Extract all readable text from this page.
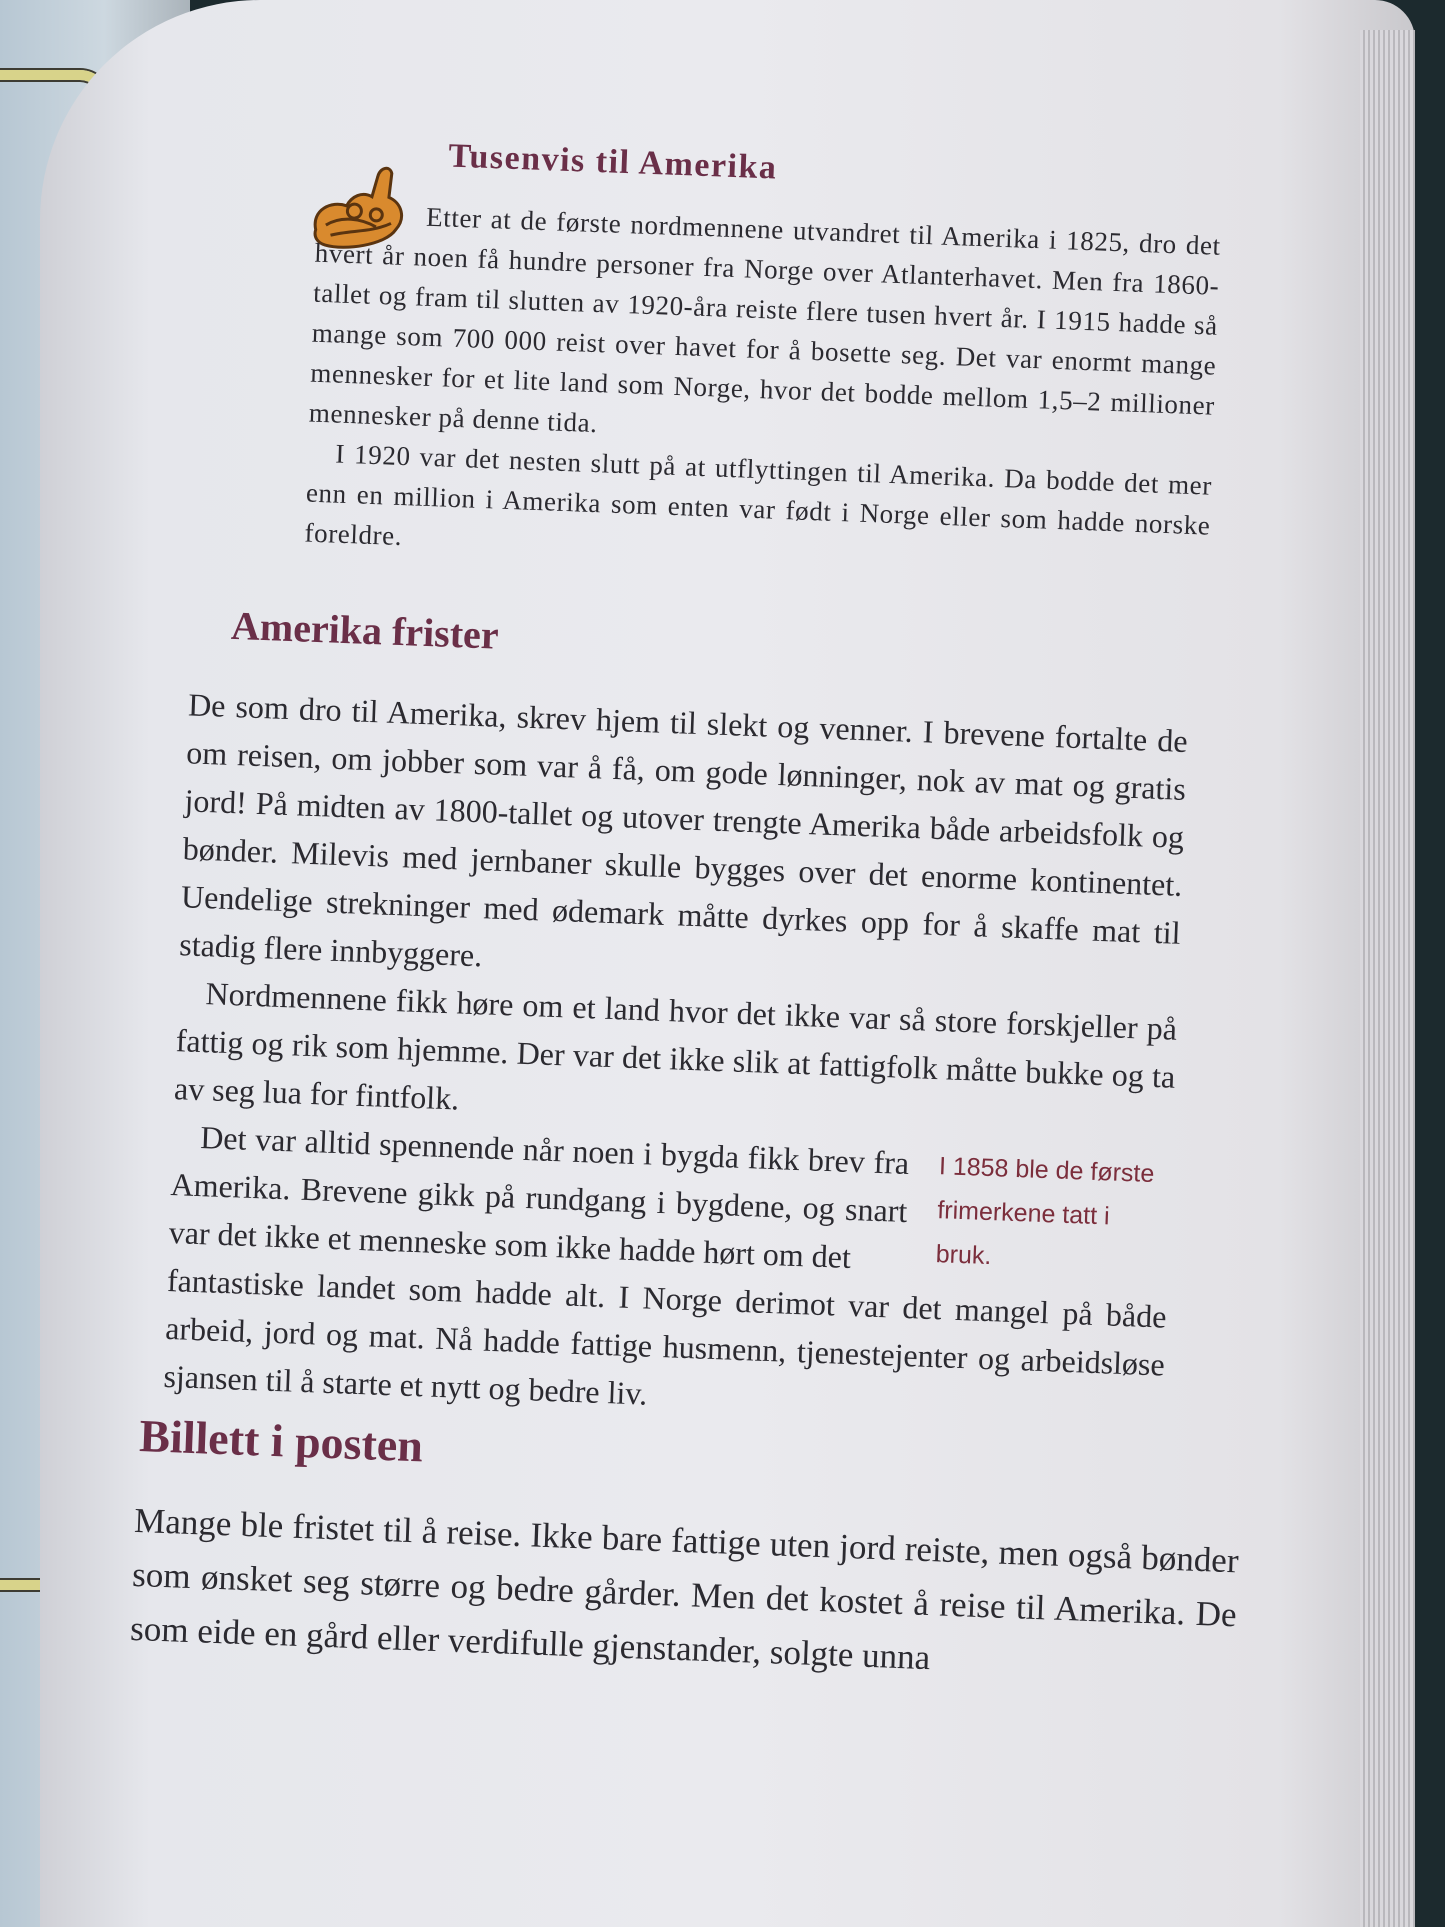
Tusenvis til Amerika

Etter at de første nordmennene utvandret til Amerika i 1825, dro det hvert år noen få hundre personer fra Norge over Atlanterhavet. Men fra 1860-tallet og fram til slutten av 1920-åra reiste flere tusen hvert år. I 1915 hadde så mange som 700 000 reist over havet for å bosette seg. Det var enormt mange mennesker for et lite land som Norge, hvor det bodde mellom 1,5–2 millioner mennesker på denne tida.

I 1920 var det nesten slutt på at utflyttingen til Amerika. Da bodde det mer enn en million i Amerika som enten var født i Norge eller som hadde norske foreldre.

Amerika frister

De som dro til Amerika, skrev hjem til slekt og venner. I brevene fortalte de om reisen, om jobber som var å få, om gode lønninger, nok av mat og gratis jord! På midten av 1800-tallet og utover trengte Amerika både arbeidsfolk og bønder. Milevis med jernbaner skulle bygges over det enorme kontinentet. Uendelige strekninger med ødemark måtte dyrkes opp for å skaffe mat til stadig flere innbyggere.

Nordmennene fikk høre om et land hvor det ikke var så store forskjeller på fattig og rik som hjemme. Der var det ikke slik at fattigfolk måtte bukke og ta av seg lua for fintfolk.

Det var alltid spennende når noen i bygda fikk brev fra Amerika. Brevene gikk på rundgang i bygdene, og snart var det ikke et menneske som ikke hadde hørt om det

I 1858 ble de første frimerkene tatt i bruk.

fantastiske landet som hadde alt. I Norge derimot var det mangel på både arbeid, jord og mat. Nå hadde fattige husmenn, tjenestejenter og arbeidsløse sjansen til å starte et nytt og bedre liv.

Billett i posten

Mange ble fristet til å reise. Ikke bare fattige uten jord reiste, men også bønder som ønsket seg større og bedre gårder. Men det kostet å reise til Amerika. De som eide en gård eller verdifulle gjenstander, solgte unna
